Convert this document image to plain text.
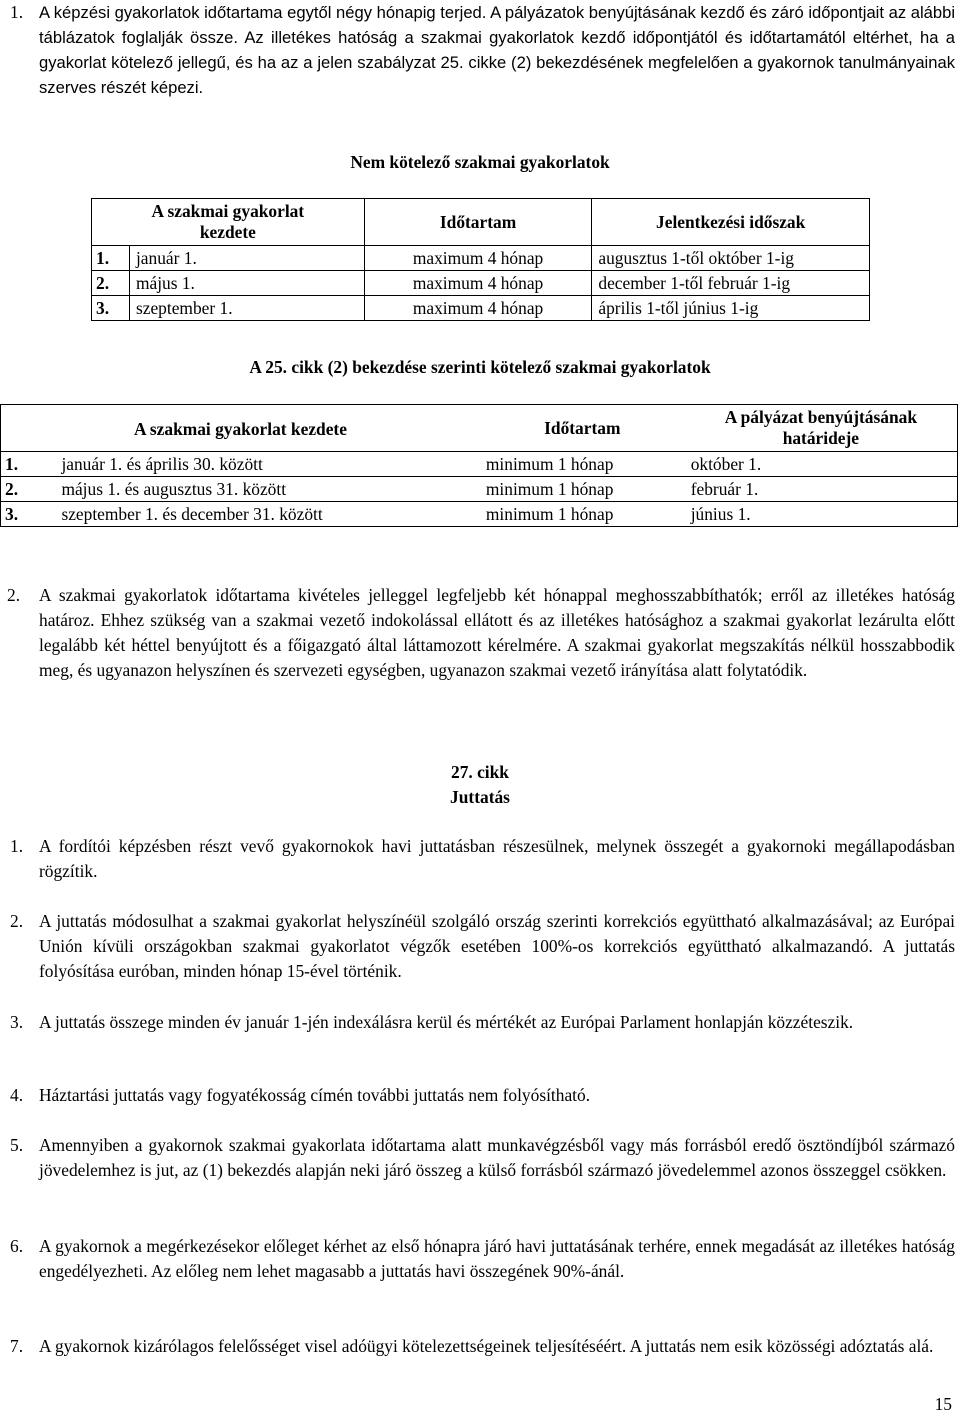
1. A képzési gyakorlatok időtartama egytől négy hónapig terjed. A pályázatok benyújtásának kezdő és záró időpontjait az alábbi táblázatok foglalják össze. Az illetékes hatóság a szakmai gyakorlatok kezdő időpontjától és időtartamától eltérhet, ha a gyakorlat kötelező jellegű, és ha az a jelen szabályzat 25. cikke (2) bekezdésének megfelelően a gyakornok tanulmányainak szerves részét képezi.
Nem kötelező szakmai gyakorlatok
A szakmai gyakorlat kezdete		Időtartam	Jelentkezési időszak
1.	január 1.	maximum 4 hónap	augusztus 1-től október 1-ig
2.	május 1.	maximum 4 hónap	december 1-től február 1-ig
3.	szeptember 1.	maximum 4 hónap	április 1-től június 1-ig
A 25. cikk (2) bekezdése szerinti kötelező szakmai gyakorlatok
A szakmai gyakorlat kezdete		Időtartam	A pályázat benyújtásának határideje
1.	január 1. és április 30. között	minimum 1 hónap	október 1.
2.	május 1. és augusztus 31. között	minimum 1 hónap	február 1.
3.	szeptember 1. és december 31. között	minimum 1 hónap	június 1.
2. A szakmai gyakorlatok időtartama kivételes jelleggel legfeljebb két hónappal meghosszabbíthatók; erről az illetékes hatóság határoz. Ehhez szükség van a szakmai vezető indokolással ellátott és az illetékes hatósághoz a szakmai gyakorlat lezárulta előtt legalább két héttel benyújtott és a főigazgató által láttamozott kérelmére. A szakmai gyakorlat megszakítás nélkül hosszabbodik meg, és ugyanazon helyszínen és szervezeti egységben, ugyanazon szakmai vezető irányítása alatt folytatódik.
27. cikk
Juttatás
1. A fordítói képzésben részt vevő gyakornokok havi juttatásban részesülnek, melynek összegét a gyakornoki megállapodásban rögzítik.
2. A juttatás módosulhat a szakmai gyakorlat helyszínéül szolgáló ország szerinti korrekciós együttható alkalmazásával; az Európai Unión kívüli országokban szakmai gyakorlatot végzők esetében 100%-os korrekciós együttható alkalmazandó. A juttatás folyósítása euróban, minden hónap 15-ével történik.
3. A juttatás összege minden év január 1-jén indexálásra kerül és mértékét az Európai Parlament honlapján közzéteszik.
4. Háztartási juttatás vagy fogyatékosság címén további juttatás nem folyósítható.
5. Amennyiben a gyakornok szakmai gyakorlata időtartama alatt munkavégzésből vagy más forrásból eredő ösztöndíjból származó jövedelemhez is jut, az (1) bekezdés alapján neki járó összeg a külső forrásból származó jövedelemmel azonos összeggel csökken.
6. A gyakornok a megérkezésekor előleget kérhet az első hónapra járó havi juttatásának terhére, ennek megadását az illetékes hatóság engedélyezheti. Az előleg nem lehet magasabb a juttatás havi összegének 90%-ánál.
7. A gyakornok kizárólagos felelősséget visel adóügyi kötelezettségeinek teljesítéséért. A juttatás nem esik közösségi adóztatás alá.
15
